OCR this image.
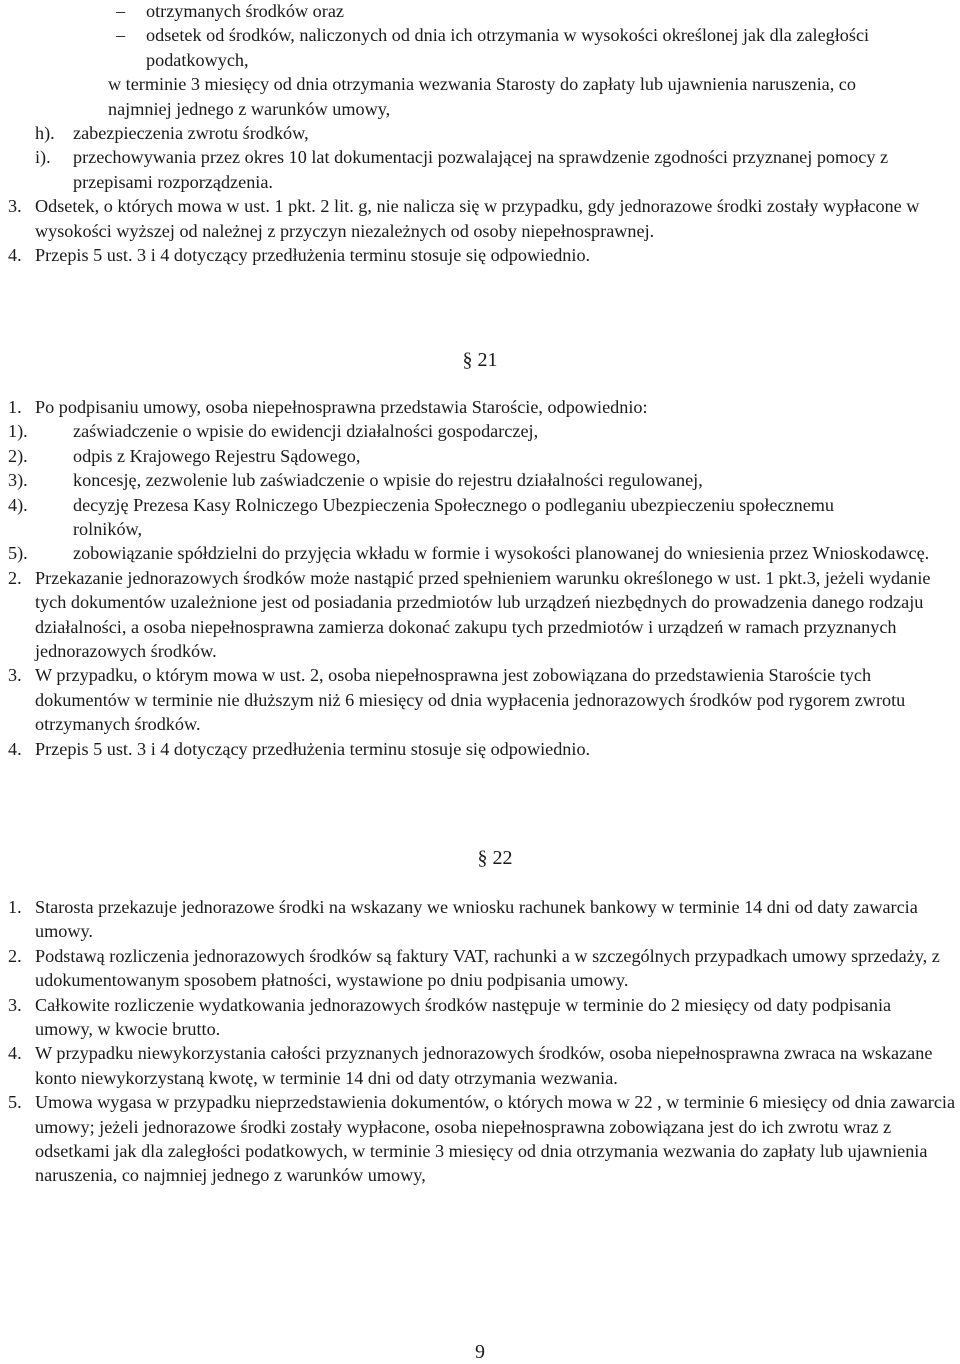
– otrzymanych środków oraz
– odsetek od środków, naliczonych od dnia ich otrzymania w wysokości określonej jak dla zaległości podatkowych,
w terminie 3 miesięcy od dnia otrzymania wezwania Starosty do zapłaty lub ujawnienia naruszenia, co najmniej jednego z warunków umowy,
h). zabezpieczenia zwrotu środków,
i). przechowywania przez okres 10 lat dokumentacji pozwalającej na sprawdzenie zgodności przyznanej pomocy z przepisami rozporządzenia.
3. Odsetek, o których mowa w ust. 1 pkt. 2 lit. g, nie nalicza się w przypadku, gdy jednorazowe środki zostały wypłacone w wysokości wyższej od należnej z przyczyn niezależnych od osoby niepełnosprawnej.
4. Przepis 5 ust. 3 i 4 dotyczący przedłużenia terminu stosuje się odpowiednio.
§ 21
1. Po podpisaniu umowy, osoba niepełnosprawna przedstawia Staroście, odpowiednio:
1). zaświadczenie o wpisie do ewidencji działalności gospodarczej,
2). odpis z Krajowego Rejestru Sądowego,
3). koncesję, zezwolenie lub zaświadczenie o wpisie do rejestru działalności regulowanej,
4). decyzję Prezesa Kasy Rolniczego Ubezpieczenia Społecznego o podleganiu ubezpieczeniu społecznemu rolników,
5). zobowiązanie spółdzielni do przyjęcia wkładu w formie i wysokości planowanej do wniesienia przez Wnioskodawcę.
2. Przekazanie jednorazowych środków może nastąpić przed spełnieniem warunku określonego w ust. 1 pkt.3, jeżeli wydanie tych dokumentów uzależnione jest od posiadania przedmiotów lub urządzeń niezbędnych do prowadzenia danego rodzaju działalności, a osoba niepełnosprawna zamierza dokonać zakupu tych przedmiotów i urządzeń w ramach przyznanych jednorazowych środków.
3. W przypadku, o którym mowa w ust. 2, osoba niepełnosprawna jest zobowiązana do przedstawienia Staroście tych dokumentów w terminie nie dłuższym niż 6 miesięcy od dnia wypłacenia jednorazowych środków pod rygorem zwrotu otrzymanych środków.
4. Przepis 5 ust. 3 i 4 dotyczący przedłużenia terminu stosuje się odpowiednio.
§ 22
1. Starosta przekazuje jednorazowe środki na wskazany we wniosku rachunek bankowy w terminie 14 dni od daty zawarcia umowy.
2. Podstawą rozliczenia jednorazowych środków są faktury VAT, rachunki a w szczególnych przypadkach umowy sprzedaży, z udokumentowanym sposobem płatności, wystawione po dniu podpisania umowy.
3. Całkowite rozliczenie wydatkowania jednorazowych środków następuje w terminie do 2 miesięcy od daty podpisania umowy, w kwocie brutto.
4. W przypadku niewykorzystania całości przyznanych jednorazowych środków, osoba niepełnosprawna zwraca na wskazane konto niewykorzystaną kwotę, w terminie 14 dni od daty otrzymania wezwania.
5. Umowa wygasa w przypadku nieprzedstawienia dokumentów, o których mowa w 22 , w terminie 6 miesięcy od dnia zawarcia umowy; jeżeli jednorazowe środki zostały wypłacone, osoba niepełnosprawna zobowiązana jest do ich zwrotu wraz z odsetkami jak dla zaległości podatkowych, w terminie 3 miesięcy od dnia otrzymania wezwania do zapłaty lub ujawnienia naruszenia, co najmniej jednego z warunków umowy,
9
